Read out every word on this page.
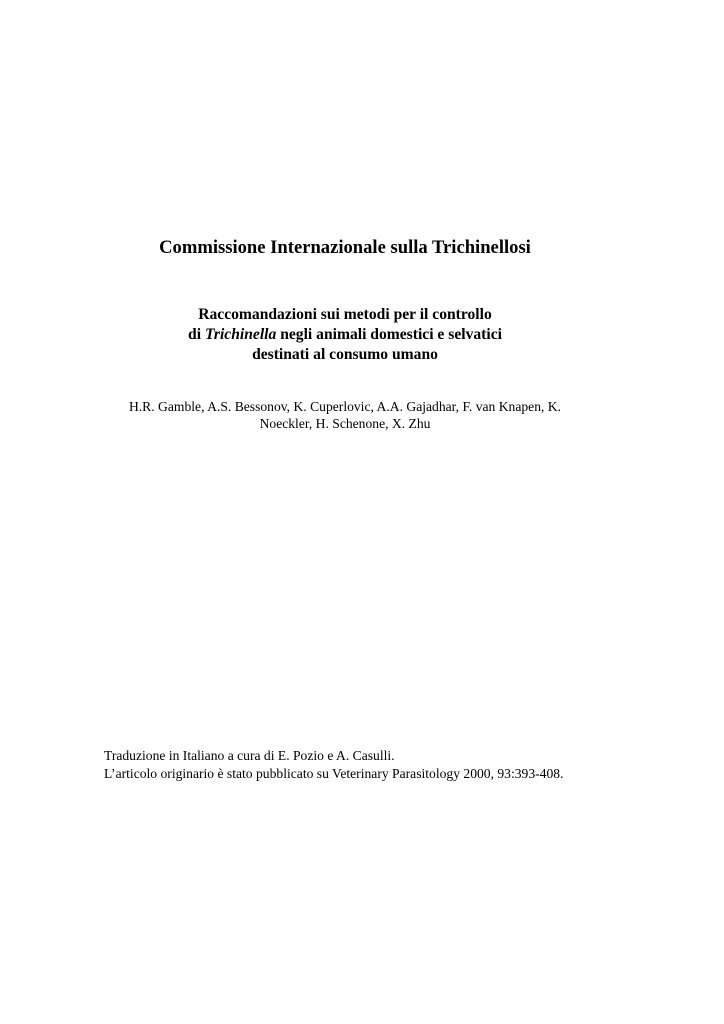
Commissione Internazionale sulla Trichinellosi
Raccomandazioni sui metodi per il controllo
di Trichinella negli animali domestici e selvatici
destinati al consumo umano
H.R. Gamble, A.S. Bessonov, K. Cuperlovic, A.A. Gajadhar, F. van Knapen, K.
Noeckler, H. Schenone, X. Zhu
Traduzione in Italiano a cura di E. Pozio e A. Casulli.
L’articolo originario è stato pubblicato su Veterinary Parasitology 2000, 93:393-408.
